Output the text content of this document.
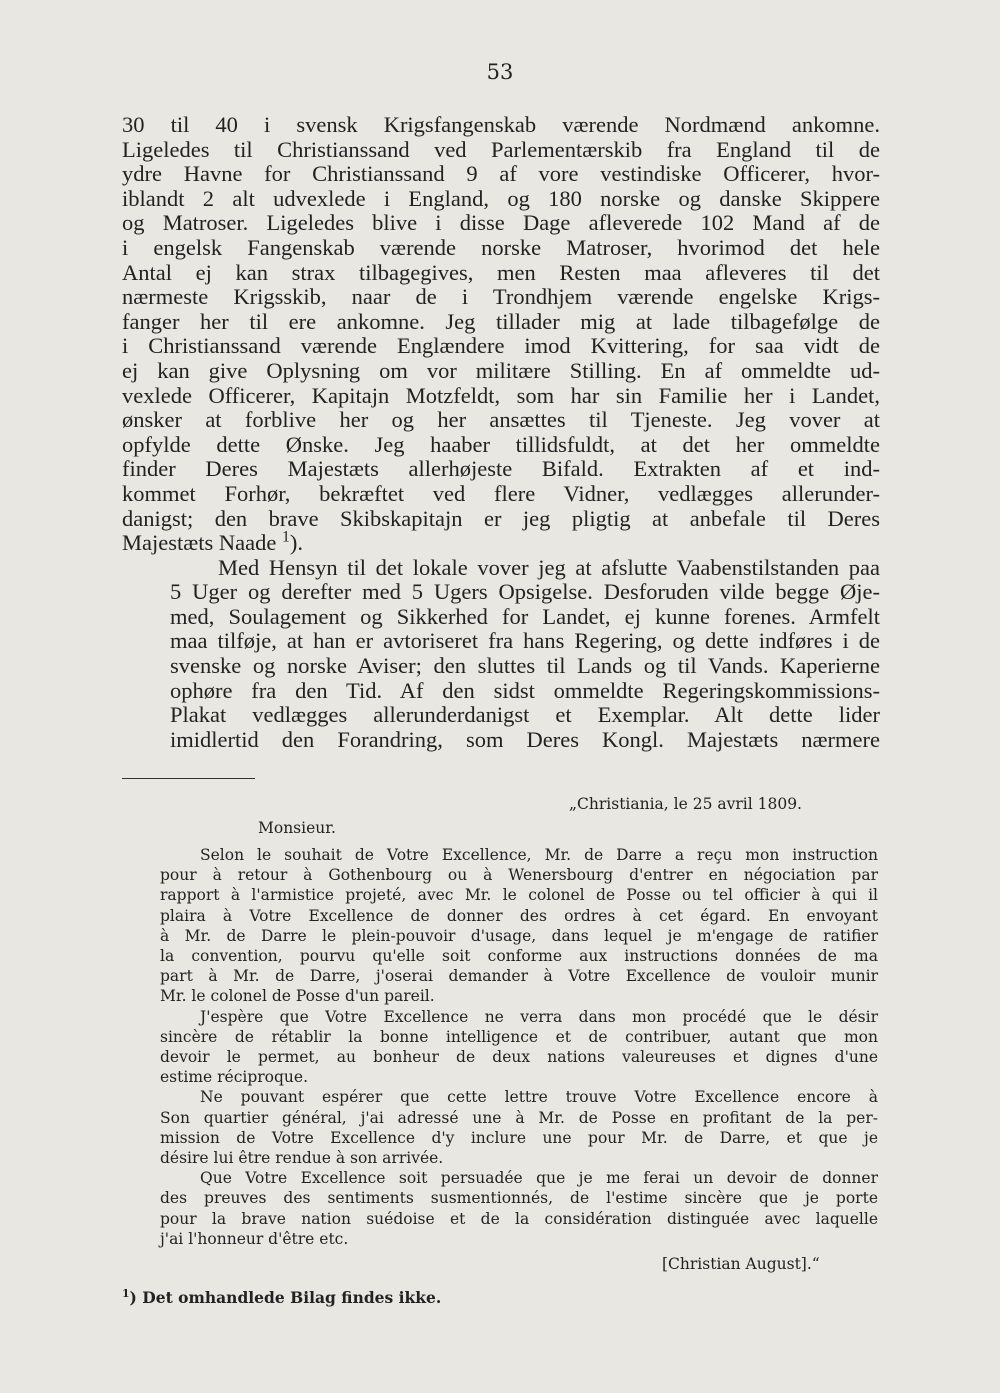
53
30 til 40 i svensk Krigsfangenskab værende Nordmænd ankomne.
Ligeledes til Christianssand ved Parlementærskib fra England til de
ydre Havne for Christianssand 9 af vore vestindiske Officerer, hvor-
iblandt 2 alt udvexlede i England, og 180 norske og danske Skippere
og Matroser. Ligeledes blive i disse Dage afleverede 102 Mand af de
i engelsk Fangenskab værende norske Matroser, hvorimod det hele
Antal ej kan strax tilbagegives, men Resten maa afleveres til det
nærmeste Krigsskib, naar de i Trondhjem værende engelske Krigs-
fanger her til ere ankomne. Jeg tillader mig at lade tilbagefølge de
i Christianssand værende Englændere imod Kvittering, for saa vidt de
ej kan give Oplysning om vor militære Stilling. En af ommeldte ud-
vexlede Officerer, Kapitajn Motzfeldt, som har sin Familie her i Landet,
ønsker at forblive her og her ansættes til Tjeneste. Jeg vover at
opfylde dette Ønske. Jeg haaber tillidsfuldt, at det her ommeldte
finder Deres Majestæts allerhøjeste Bifald. Extrakten af et ind-
kommet Forhør, bekræftet ved flere Vidner, vedlægges allerunder-
danigst; den brave Skibskapitajn er jeg pligtig at anbefale til Deres
Majestæts Naade $^1$).
Med Hensyn til det lokale vover jeg at afslutte Vaabenstilstanden paa
5 Uger og derefter med 5 Ugers Opsigelse. Desforuden vilde begge Øje-
med, Soulagement og Sikkerhed for Landet, ej kunne forenes. Armfelt
maa tilføje, at han er avtoriseret fra hans Regering, og dette indføres i de
svenske og norske Aviser; den sluttes til Lands og til Vands. Kaperierne
ophøre fra den Tid. Af den sidst ommeldte Regeringskommissions-
Plakat vedlægges allerunderdanigst et Exemplar. Alt dette lider
imidlertid den Forandring, som Deres Kongl. Majestæts nærmere
„Christiania, le 25 avril 1809.
Monsieur.
Selon le souhait de Votre Excellence, Mr. de Darre a reçu mon instruction
pour à retour à Gothenbourg ou à Wenersbourg d'entrer en négociation par
rapport à l'armistice projeté, avec Mr. le colonel de Posse ou tel officier à qui il
plaira à Votre Excellence de donner des ordres à cet égard. En envoyant
à Mr. de Darre le plein-pouvoir d'usage, dans lequel je m'engage de ratifier
la convention, pourvu qu'elle soit conforme aux instructions données de ma
part à Mr. de Darre, j'oserai demander à Votre Excellence de vouloir munir
Mr. le colonel de Posse d'un pareil.
J'espère que Votre Excellence ne verra dans mon procédé que le désir
sincère de rétablir la bonne intelligence et de contribuer, autant que mon
devoir le permet, au bonheur de deux nations valeureuses et dignes d'une
estime réciproque.
Ne pouvant espérer que cette lettre trouve Votre Excellence encore à
Son quartier général, j'ai adressé une à Mr. de Posse en profitant de la per-
mission de Votre Excellence d'y inclure une pour Mr. de Darre, et que je
désire lui être rendue à son arrivée.
Que Votre Excellence soit persuadée que je me ferai un devoir de donner
des preuves des sentiments susmentionnés, de l'estime sincère que je porte
pour la brave nation suédoise et de la considération distinguée avec laquelle
j'ai l'honneur d'être etc.
[Christian August].“
$^1$) Det omhandlede Bilag findes ikke.
